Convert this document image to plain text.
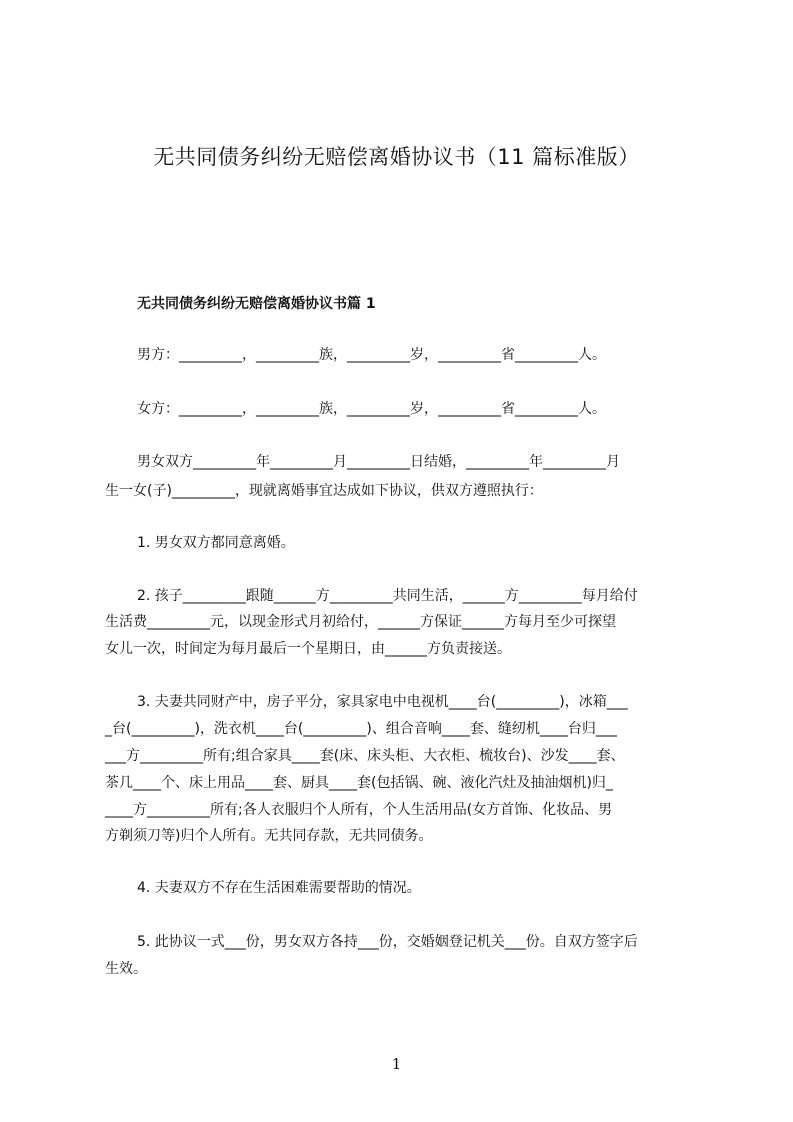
无共同债务纠纷无赔偿离婚协议书（11 篇标准版）
无共同债务纠纷无赔偿离婚协议书篇 1
男方：_________，_________族，_________岁，_________省_________人。
女方：_________，_________族，_________岁，_________省_________人。
男女双方_________年_________月_________日结婚，_________年_________月
生一女(子)_________，现就离婚事宜达成如下协议，供双方遵照执行：
1. 男女双方都同意离婚。
2. 孩子_________跟随______方_________共同生活，______方_________每月给付
生活费_________元，以现金形式月初给付，______方保证______方每月至少可探望
女儿一次，时间定为每月最后一个星期日，由______方负责接送。
3. 夫妻共同财产中，房子平分，家具家电中电视机____台(_________)，冰箱___
_台(_________)，洗衣机____台(_________)、组合音响____套、缝纫机____台归___
___方_________所有;组合家具____套(床、床头柜、大衣柜、梳妆台)、沙发____套、
茶几____个、床上用品____套、厨具____套(包括锅、碗、液化汽灶及抽油烟机)归_
____方_________所有;各人衣服归个人所有，个人生活用品(女方首饰、化妆品、男
方剃须刀等)归个人所有。无共同存款，无共同债务。
4. 夫妻双方不存在生活困难需要帮助的情况。
5. 此协议一式___份，男女双方各持___份，交婚姻登记机关___份。自双方签字后
生效。
1
